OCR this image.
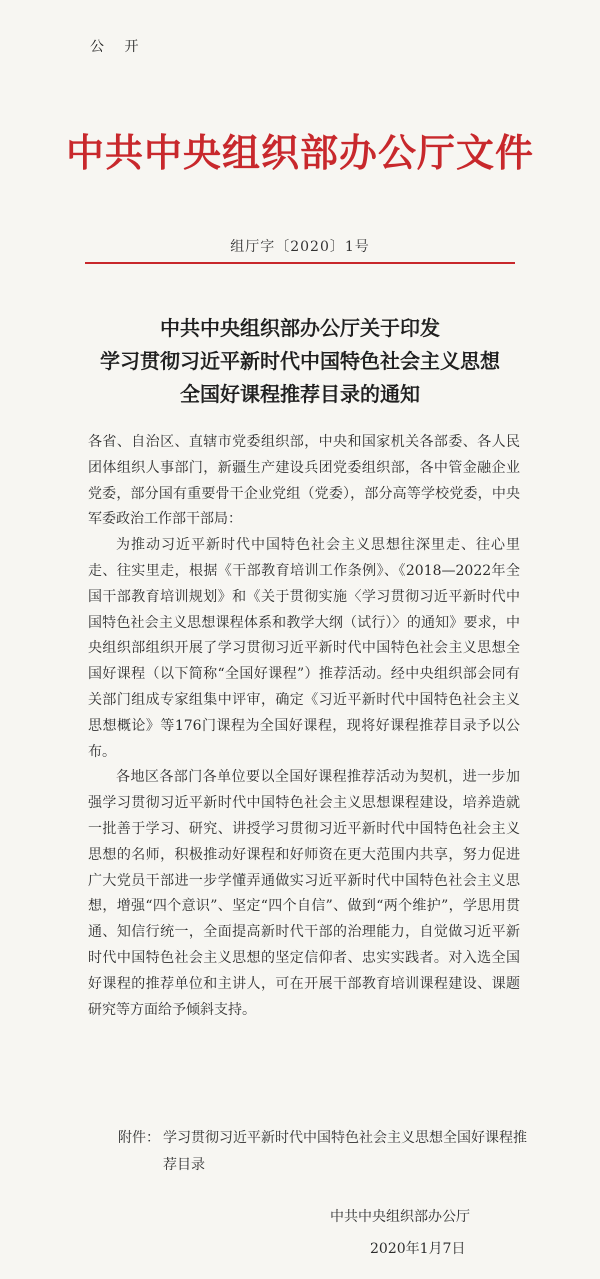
公 开
中共中央组织部办公厅文件
组厅字〔2020〕1号
中共中央组织部办公厅关于印发
学习贯彻习近平新时代中国特色社会主义思想
全国好课程推荐目录的通知

各省、自治区、直辖市党委组织部，中央和国家机关各部委、各人民团体组织人事部门，新疆生产建设兵团党委组织部，各中管金融企业党委，部分国有重要骨干企业党组（党委），部分高等学校党委，中央军委政治工作部干部局：

为推动习近平新时代中国特色社会主义思想往深里走、往心里走、往实里走，根据《干部教育培训工作条例》、《2018—2022年全国干部教育培训规划》和《关于贯彻实施〈学习贯彻习近平新时代中国特色社会主义思想课程体系和教学大纲（试行）〉的通知》要求，中央组织部组织开展了学习贯彻习近平新时代中国特色社会主义思想全国好课程（以下简称“全国好课程”）推荐活动。经中央组织部会同有关部门组成专家组集中评审，确定《习近平新时代中国特色社会主义思想概论》等176门课程为全国好课程，现将好课程推荐目录予以公布。

各地区各部门各单位要以全国好课程推荐活动为契机，进一步加强学习贯彻习近平新时代中国特色社会主义思想课程建设，培养造就一批善于学习、研究、讲授学习贯彻习近平新时代中国特色社会主义思想的名师，积极推动好课程和好师资在更大范围内共享，努力促进广大党员干部进一步学懂弄通做实习近平新时代中国特色社会主义思想，增强“四个意识”、坚定“四个自信”、做到“两个维护”，学思用贯通、知信行统一，全面提高新时代干部的治理能力，自觉做习近平新时代中国特色社会主义思想的坚定信仰者、忠实实践者。对入选全国好课程的推荐单位和主讲人，可在开展干部教育培训课程建设、课题研究等方面给予倾斜支持。

附件： 学习贯彻习近平新时代中国特色社会主义思想全国好课程推荐目录
中共中央组织部办公厅
2020年1月7日
